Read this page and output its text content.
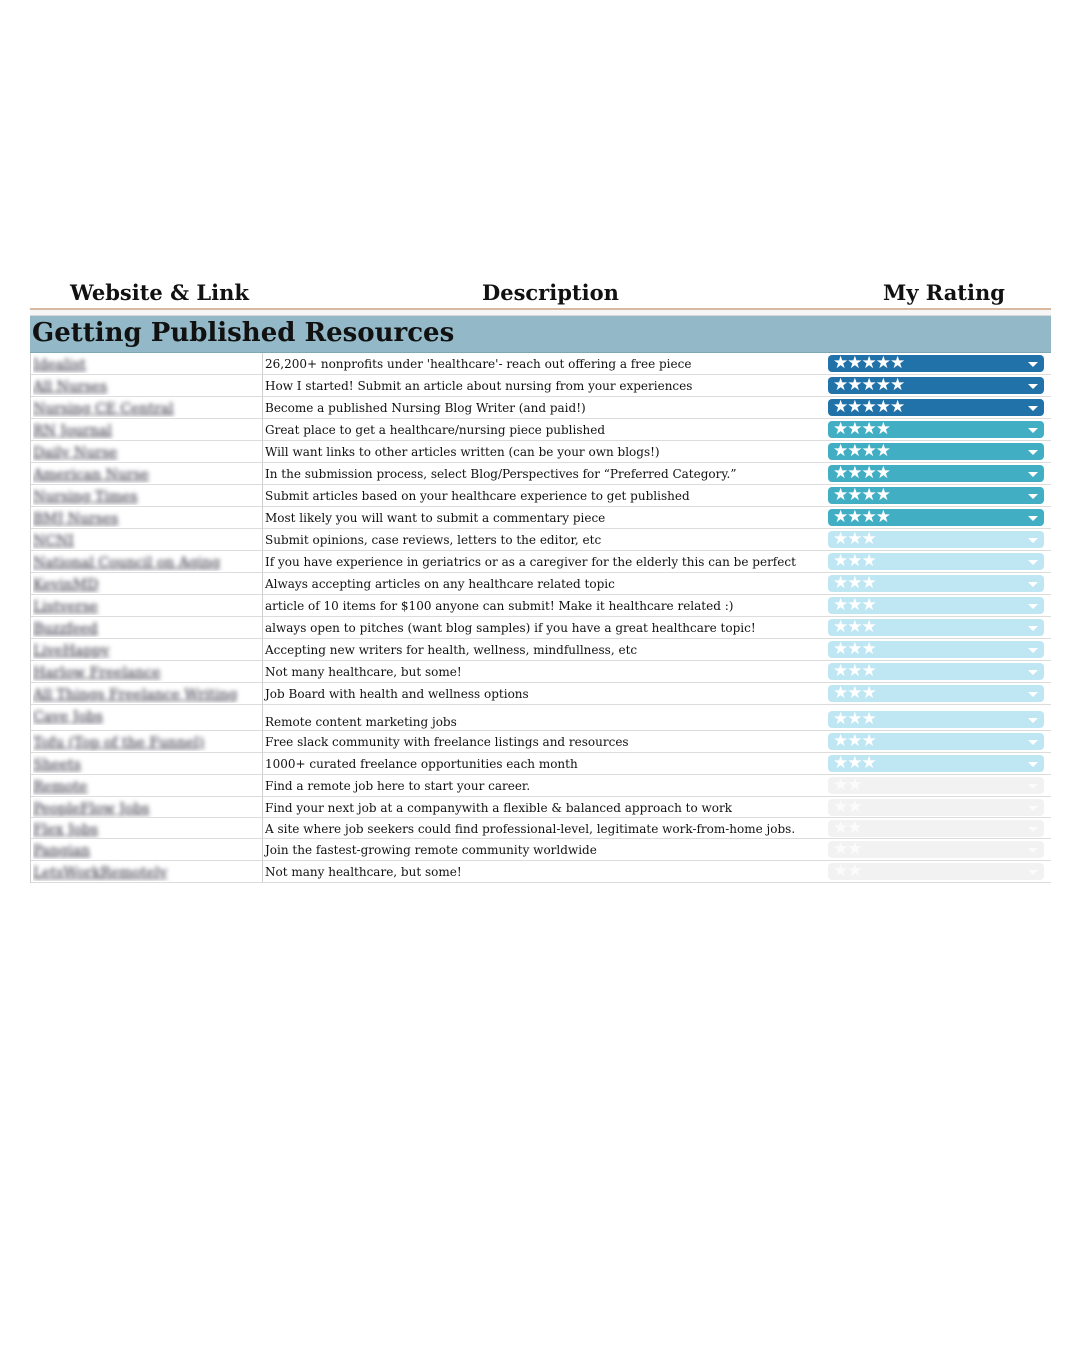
Website & Link	Description	My Rating
Getting Published Resources
Idealist	26,200+ nonprofits under 'healthcare'- reach out offering a free piece	★★★★★
All Nurses	How I started! Submit an article about nursing from your experiences	★★★★★
Nursing CE Central	Become a published Nursing Blog Writer (and paid!)	★★★★★
RN Journal	Great place to get a healthcare/nursing piece published	★★★★
Daily Nurse	Will want links to other articles written (can be your own blogs!)	★★★★
American Nurse	In the submission process, select Blog/Perspectives for “Preferred Category.”	★★★★
Nursing Times	Submit articles based on your healthcare experience to get published	★★★★
BMJ Nurses	Most likely you will want to submit a commentary piece	★★★★
NCNI	Submit opinions, case reviews, letters to the editor, etc	★★★
National Council on Aging	If you have experience in geriatrics or as a caregiver for the elderly this can be perfect ★★★
KevinMD	Always accepting articles on any healthcare related topic	★★★
Listverse	article of 10 items for $100 anyone can submit! Make it healthcare related :)	★★★
Buzzfeed	always open to pitches (want blog samples) if you have a great healthcare topic!	★★★
LiveHappy	Accepting new writers for health, wellness, mindfullness, etc	★★★
Harlow Freelance	Not many healthcare, but some!	★★★
All Things Freelance Writing	Job Board with health and wellness options	★★★
Cave Jobs	Remote content marketing jobs	★★★
Tofu (Top of the Funnel)	Free slack community with freelance listings and resources	★★★
Sheets	1000+ curated freelance opportunities each month	★★★
Remote	Find a remote job here to start your career.	★★
PeopleFlow Jobs	Find your next job at a companywith a flexible & balanced approach to work	★★
Flex Jobs	A site where job seekers could find professional-level, legitimate work-from-home jobs. ★★
Pangian	Join the fastest-growing remote community worldwide	★★
LetsWorkRemotely	Not many healthcare, but some!	★★
